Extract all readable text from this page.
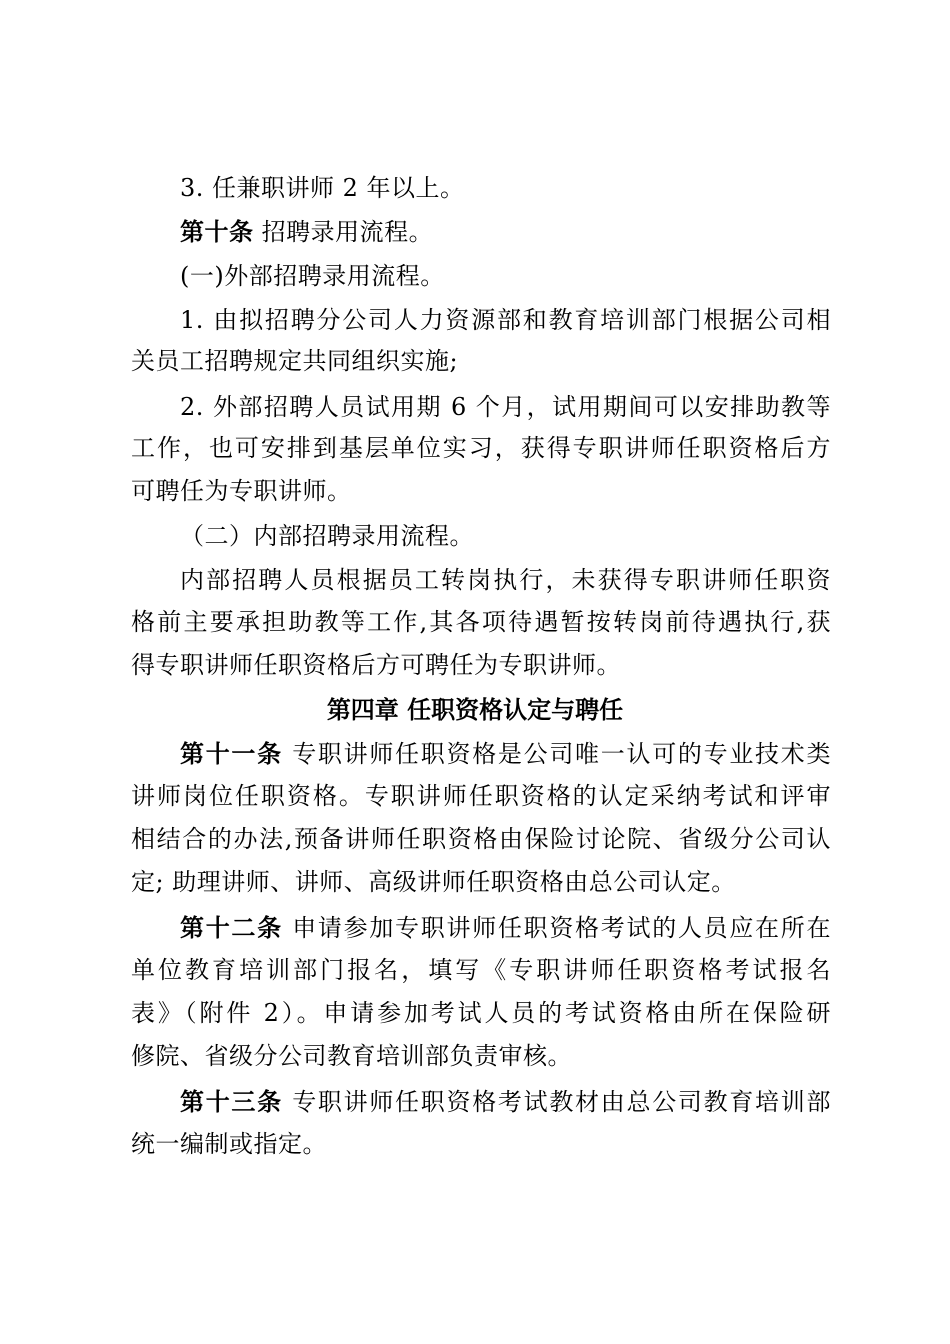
3. 任兼职讲师 2 年以上。
第十条 招聘录用流程。
(一)外部招聘录用流程。
1. 由拟招聘分公司人力资源部和教育培训部门根据公司相
关员工招聘规定共同组织实施;
2. 外部招聘人员试用期 6 个月，试用期间可以安排助教等
工作，也可安排到基层单位实习，获得专职讲师任职资格后方
可聘任为专职讲师。
（二）内部招聘录用流程。
内部招聘人员根据员工转岗执行，未获得专职讲师任职资
格前主要承担助教等工作,其各项待遇暂按转岗前待遇执行,获
得专职讲师任职资格后方可聘任为专职讲师。
第四章 任职资格认定与聘任
第十一条 专职讲师任职资格是公司唯一认可的专业技术类
讲师岗位任职资格。专职讲师任职资格的认定采纳考试和评审
相结合的办法,预备讲师任职资格由保险讨论院、省级分公司认
定; 助理讲师、讲师、高级讲师任职资格由总公司认定。
第十二条 申请参加专职讲师任职资格考试的人员应在所在
单位教育培训部门报名，填写《专职讲师任职资格考试报名
表》（附件 2）。申请参加考试人员的考试资格由所在保险研
修院、省级分公司教育培训部负责审核。
第十三条 专职讲师任职资格考试教材由总公司教育培训部
统一编制或指定。
